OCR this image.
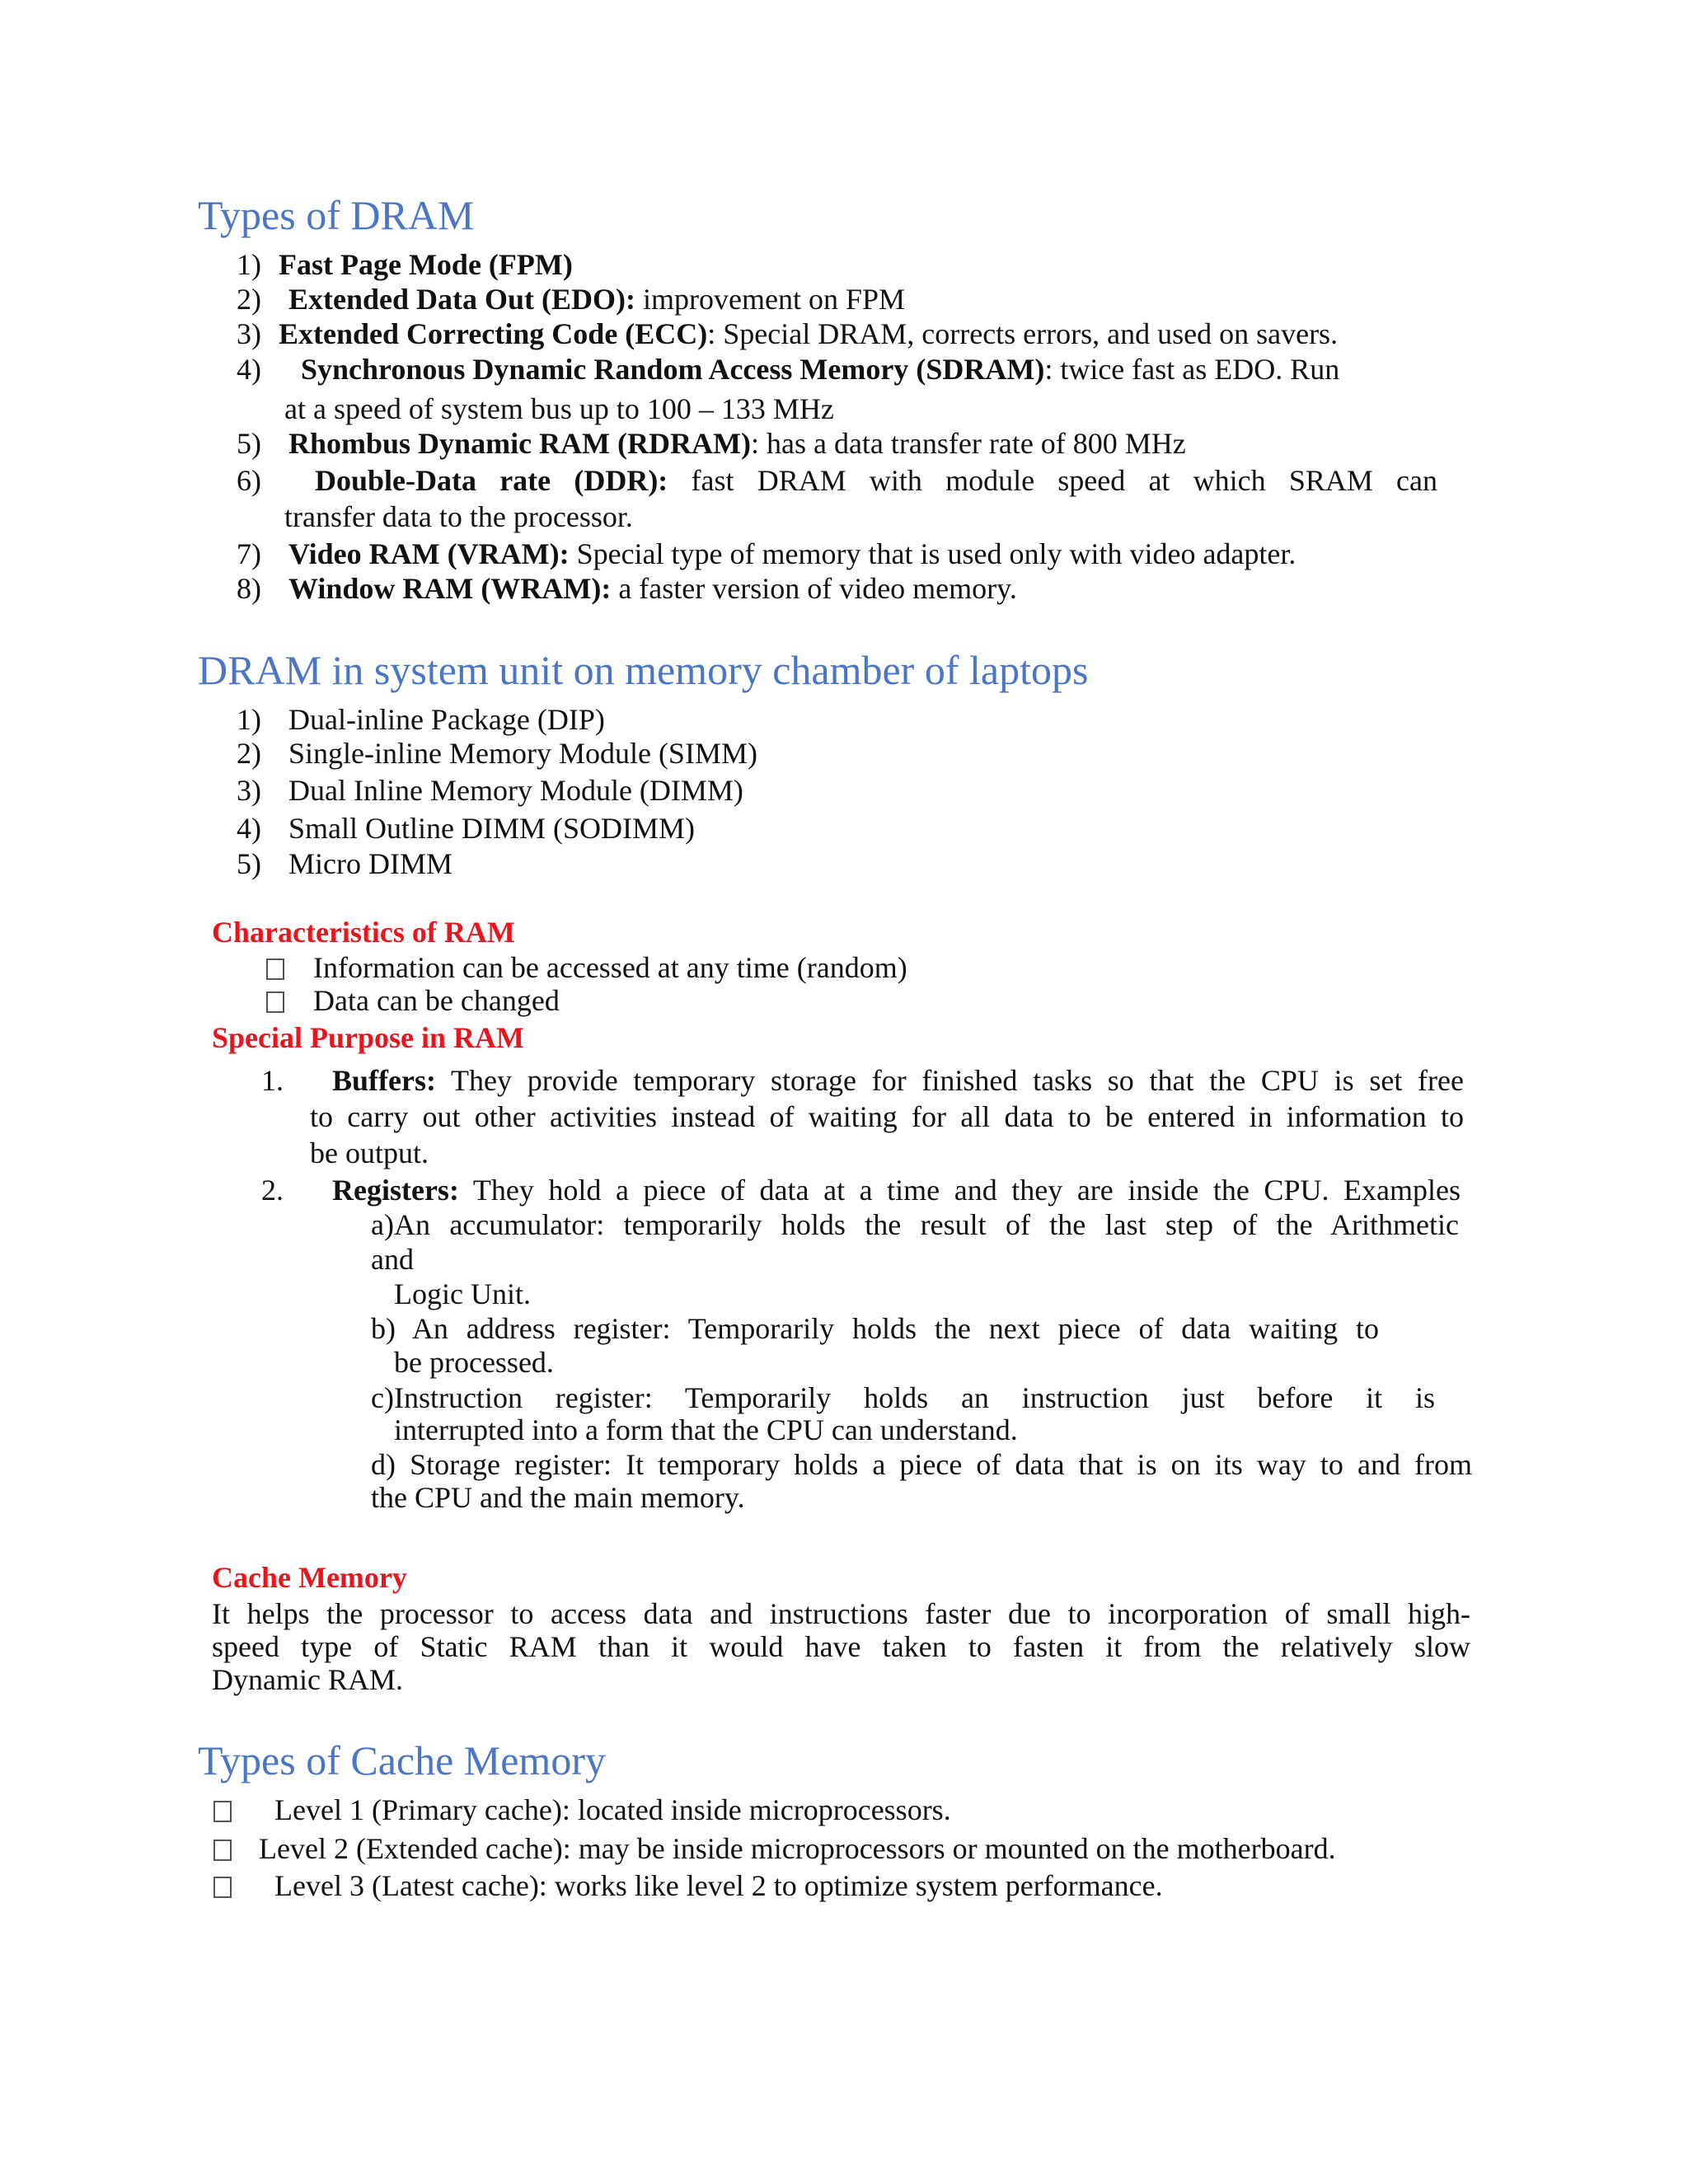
Types of DRAM
1) Fast Page Mode (FPM)
2) Extended Data Out (EDO): improvement on FPM
3) Extended Correcting Code (ECC): Special DRAM, corrects errors, and used on savers.
4) Synchronous Dynamic Random Access Memory (SDRAM): twice fast as EDO. Run
at a speed of system bus up to 100 – 133 MHz
5) Rhombus Dynamic RAM (RDRAM): has a data transfer rate of 800 MHz
6) Double-Data rate (DDR): fast DRAM with module speed at which SRAM can
transfer data to the processor.
7) Video RAM (VRAM): Special type of memory that is used only with video adapter.
8) Window RAM (WRAM): a faster version of video memory.
DRAM in system unit on memory chamber of laptops
1) Dual-inline Package (DIP)
2) Single-inline Memory Module (SIMM)
3) Dual Inline Memory Module (DIMM)
4) Small Outline DIMM (SODIMM)
5) Micro DIMM
Characteristics of RAM
Information can be accessed at any time (random)
Data can be changed
Special Purpose in RAM
1. Buffers: They provide temporary storage for finished tasks so that the CPU is set free
to carry out other activities instead of waiting for all data to be entered in information to
be output.
2. Registers: They hold a piece of data at a time and they are inside the CPU. Examples
a)An accumulator: temporarily holds the result of the last step of the Arithmetic
and
Logic Unit.
b) An address register: Temporarily holds the next piece of data waiting to
be processed.
c)Instruction register: Temporarily holds an instruction just before it is
interrupted into a form that the CPU can understand.
d) Storage register: It temporary holds a piece of data that is on its way to and from
the CPU and the main memory.
Cache Memory
It helps the processor to access data and instructions faster due to incorporation of small high-
speed type of Static RAM than it would have taken to fasten it from the relatively slow
Dynamic RAM.
Types of Cache Memory
Level 1 (Primary cache): located inside microprocessors.
Level 2 (Extended cache): may be inside microprocessors or mounted on the motherboard.
Level 3 (Latest cache): works like level 2 to optimize system performance.
